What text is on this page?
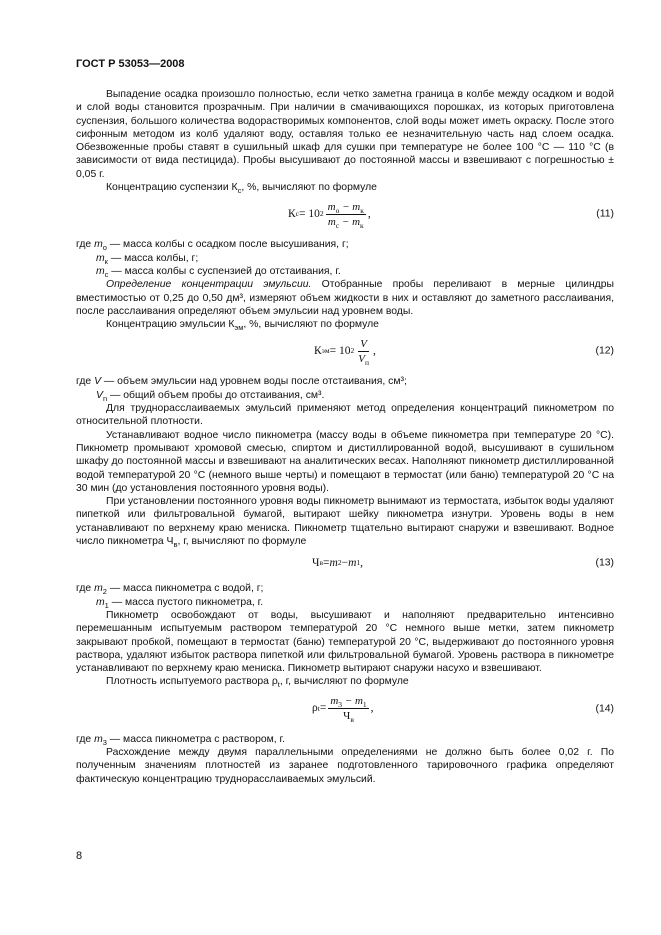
ГОСТ Р 53053—2008

Выпадение осадка произошло полностью, если четко заметна граница в колбе между осадком и водой и слой воды становится прозрачным. При наличии в смачивающихся порошках, из которых приготовлена суспензия, большого количества водорастворимых компонентов, слой воды может иметь окраску. После этого сифонным методом из колб удаляют воду, оставляя только ее незначительную часть над слоем осадка. Обезвоженные пробы ставят в сушильный шкаф для сушки при температуре не более 100 °С — 110 °С (в зависимости от вида пестицида). Пробы высушивают до постоянной массы и взвешивают с погрешностью ± 0,05 г.

Концентрацию суспензии $К_с$, %, вычисляют по формуле

К с = 10 $2 \frac{m_о - m_к}{m_с - m_к}$ ,	(11)

где $m_о$ — масса колбы с осадком после высушивания, г;

$m_к$ — масса колбы, г;

$m_с$ — масса колбы с суспензией до отстаивания, г.

Определение концентрации эмульсии. Отобранные пробы переливают в мерные цилиндры вместимостью от 0,25 до 0,50 дм³, измеряют объем жидкости в них и оставляют до заметного расслаивания, после расслаивания определяют объем эмульсии над уровнем воды.

Концентрацию эмульсии $К_{эм}$, %, вычисляют по формуле

К эм = 10 $2 \frac{V}{V_п}$ ,	(12)

где V — объем эмульсии над уровнем воды после отстаивания, см³;

$V_n$ — общий объем пробы до отстаивания, см³.

Для труднорасслаиваемых эмульсий применяют метод определения концентраций пикнометром по относительной плотности.

Устанавливают водное число пикнометра (массу воды в объеме пикнометра при температуре 20 °С). Пикнометр промывают хромовой смесью, спиртом и дистиллированной водой, высушивают в сушильном шкафу до постоянной массы и взвешивают на аналитических весах. Наполняют пикнометр дистиллированной водой температурой 20 °С (немного выше черты) и помещают в термостат (или баню) температурой 20 °С на 30 мин (до установления постоянного уровня воды).

При установлении постоянного уровня воды пикнометр вынимают из термостата, избыток воды удаляют пипеткой или фильтровальной бумагой, вытирают шейку пикнометра изнутри. Уровень воды в нем устанавливают по верхнему краю мениска. Пикнометр тщательно вытирают снаружи и взвешивают. Водное число пикнометра $Ч_в$, г, вычисляют по формуле

Ч в = m 2 − m 1 ,	(13)

где $m_2$ — масса пикнометра с водой, г;

$m_1$ — масса пустого пикнометра, г.

Пикнометр освобождают от воды, высушивают и наполняют предварительно интенсивно перемешанным испытуемым раствором температурой 20 °С немного выше метки, затем пикнометр закрывают пробкой, помещают в термостат (баню) температурой 20 °С, выдерживают до постоянного уровня раствора, удаляют избыток раствора пипеткой или фильтровальной бумагой. Уровень раствора в пикнометре устанавливают по верхнему краю мениска. Пикнометр вытирают снаружи насухо и взвешивают.

Плотность испытуемого раствора $\rho_t$, г, вычисляют по формуле

ρ $t = \frac{m_3 - m_1}{Ч_в}$ ,	(14)

где $m_3$ — масса пикнометра с раствором, г.

Расхождение между двумя параллельными определениями не должно быть более 0,02 г. По полученным значениям плотностей из заранее подготовленного тарировочного графика определяют фактическую концентрацию труднорасслаиваемых эмульсий.

8
